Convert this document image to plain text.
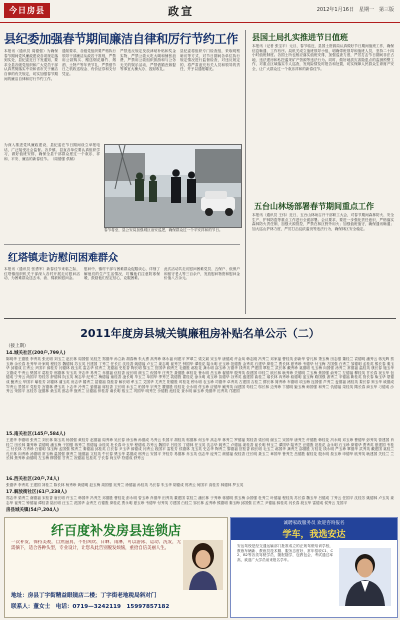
今日房县	政宣	2012年1月16日 星期一 第三版
县纪委加强春节期间廉洁自律和厉行节约工作
本报讯（通讯员 周德强）为确保春节期间党风廉政建设各项规定落到实处，县纪委近日下发通知，要求全县各级党组织和广大党员干部认真贯彻落实中央和省市关于廉洁自律的有关规定，切实加强春节期间的廉洁自律和厉行节约工作。
通知要求，各级党组织要严格执行领导干部廉洁从政若干准则，严禁用公款购买、赠送烟花爆竹、烟酒、土特产等年货节礼，严禁借节日之机收送现金、有价证券和支付凭证。
严禁违反规定发放津贴补贴和奖金实物，严禁公款大吃大喝和铺张浪费，严禁用公款组织旅游和与公务无关的娱乐活动，严禁借婚丧嫁娶等事宜大操大办、敛财收礼。
县纪委将组织专门检查组，采取明察暗访等方式，对节日期间各单位执行规定情况进行监督检查，对违反规定的，将严肃追究有关人员和领导的责任，并予以通报曝光。
为深入推进党风廉政建设，县纪委在节日期间设立举报电话，广泛接受社会监督。各乡镇、县直各单位要认真组织学习，做好值班安排，确保全县干部群众度过一个欢乐、祥和、平安、廉洁的新春佳节。（周德强 供稿）
春节将至，县公安局加强城区治安巡逻，确保群众过一个平安祥和的节日。
红塔镇走访慰问困难群众
本报讯（通讯员 张勇军）新春佳节来临之际，红塔镇组织机关干部深入各村开展走访慰问活动，为困难群众送去米、油、棉被和慰问金。
慰问中，镇村干部与困难群众促膝谈心，详细了解他们的生产生活情况，叮嘱他们注意防寒保暖，鼓励他们坚定信心，克服困难。
此次活动共走访慰问困难党员、五保户、低保户和留守老人等三百余户，发放慰问物资和慰问金价值八万余元。
县国土局扎实推进节日值班
本报讯（记者 张宝平）元旦、春节临近，县国土资源局认真做好节日期间值班工作，确保信息畅通、工作有序。局机关成立值班领导小组，明确带班领导和值班人员，坚持二十四小时值班制度。各国土所也相应落实值班安排，加强巡查力度，严厉打击节日期间非法占地、违法建房和私挖滥采矿产资源等违法行为。同时，做好地质灾害隐患点的监测预警工作，对重点区域落实专人巡查，发现险情及时报告和处置，切实保障人民群众生命财产安全，让广大群众过一个欢乐祥和的新春佳节。
五台山林场部署春节期间重点工作
本报讯（通讯员 王伟）近日，五台山林场召开干部职工大会，对春节期间森林防火、安全生产、护林防盗等重点工作进行全面部署。会议要求，要进一步强化责任意识，严格落实森林防火责任制，加强火源管控，严禁在林区野外用火；加强值班值守，确保通讯畅通；加大巡山护林力度，严厉打击乱砍滥伐等违法行为，确保林区安全稳定。
2011年度房县城关镇廉租房补贴名单公示（二）
（接上期）
14.城关社区(200户,799人)
陈明华 王德胜 李秀英 张光明 刘玉兰 赵长林 周国强 吴桂芝 郑德华 孙立新 胡春梅 朱大勇 高秀珍 林永福 何建平 罗翠兰 梁文斌 宋玉华 唐德成 许金凤 韩志刚 冯秀兰 邓家福 曹桂英 彭新华 曾凡林 萧玉梅 田志强 董桂兰 袁德明 潘秀云 蒋光辉 蔡玉珍 余长春 杜秀华 叶家明 程桂芳 魏德林 苏玉英 吕建国 丁秀兰 任长江 沈桂香 姚德福 卢玉兰 姜志明 崔秀芝 钟国华 谭桂花 陆永明 汪玉珍 范德胜 金秀英 石建华 廖桂兰 贾长林 夏秀珍 韦德华 付玉梅 方国强 白秀兰 邹德明 孟桂英 熊长春 秦玉华 邱德成 江秀云 尹国平 薛桂芳 闫德林 段玉英 雷志华 侯秀兰 龙德福 史桂香 陶长明 黎玉兰 贺国华 顾秀芝 毛德胜 郝桂花 龚永明 邵玉珍 万德华 钱秀英 严建国 覃桂兰 武长林 戴秀珍 莫德明 孔玉梅 向国强 汤秀兰 常德福 温桂英 康长春 施玉华 文德成 牛秀云 樊国平 葛桂芳 邢德林 安玉英 齐志华 易秀兰 乔德福 伍桂香 庞长明 颜玉兰 倪国华 庄秀芝 聂德胜 章桂花 鲁永明 岳玉珍 翟德华 殷秀英 詹建国 申桂兰 欧长林 耿秀珍 关德明 兰玉梅 焦国强 俞秀兰 左德福 柳桂英 甘长春 祝玉华 包德成 宁秀云 尚国平 符桂芳 舒德林 阮玉英 柯志华 纪秀兰 梅德福 童桂香 凌长明 毕玉兰 单国华 季秀芝 裴德胜 霍桂花 涂永明 成玉珍 苗德华 谷秀英 盛建国 曲桂兰 翁长林 冉秀珍 骆德明 蓝玉梅 路国强 游秀兰 辛德福 靳桂英 管长春 柴玉华 蒙德成 鲍秀云 华国平 喻桂芳 祁德林 蒲玉英 房志华 滕秀兰 屈德福 饶桂香 解长明 牟玉兰 艾国华 尤秀芝 阳德胜 时桂花 穆永明 农玉珍 司德华 卓秀英 古建国 吉桂兰 缪长林 简秀珍 车德明 项玉梅 连国强 芦秀兰 麦德福 褚桂英 娄长春 窦玉华 戚德成 岑秀云 景国平 党桂芳 宫德林 费玉英 卜志华 冷秀兰 晏德福 席桂香 卫长明 米玉兰 柏国华 宗秀芝 瞿德胜 桂桂花 全永明 佟玉珍 应德华 臧秀英 闵建国 苟桂兰 邬长林 边秀珍 卞德明 姬玉梅 师国强 和秀兰 仇德福 栾桂英 隋长春 商玉华 刁德成 沙秀云 荣国平 巫桂芳 寇德林 桑玉英 郎志华 甄秀兰 丛德福 仲桂香 虞长明 敖玉兰 巩国华 明秀芝 佘德胜 池桂花 查永明 麻玉珍 苑德华 迟秀英 邝建国
15.南关社区(145户,584人)
王建华 李德明 张秀兰 刘长林 陈玉英 杨国强 黄桂芳 赵德福 周秀珍 吴长春 徐玉梅 孙德成 马秀云 朱国平 胡桂英 郭德林 何玉华 高志华 林秀兰 罗德福 郑桂香 梁长明 谢玉兰 宋国华 唐秀芝 许德胜 韩桂花 冯永明 邓玉珍 曹德华 彭秀英 曾建国 肖桂兰 田长林 董秀珍 袁德明 潘玉梅 于国强 蒋秀兰 蔡德福 余桂英 杜长春 叶玉华 程德成 苏秀云 魏国平 吕桂芳 丁德林 任玉英 沈志华 姚秀兰 卢德福 姜桂香 崔长明 钟玉兰 谭国华 陆秀芝 汪德胜 范桂花 金永明 石玉珍 廖德华 贾秀英 夏建国 韦桂兰 付长林 方秀珍 白德明 邹玉梅 孟国强 熊秀兰 秦德福 邱桂英 江长春 尹玉华 薛德成 闫秀云 段国平 雷桂芳 侯德林 龙玉英 史志华 陶秀兰 黎德福 贺桂香 顾长明 毛玉兰 郝国华 龚秀芝 邵德胜 万桂花 钱永明 严玉珍 覃德华 武秀英 戴建国 莫桂兰 孔长林 向秀珍 汤德明 常玉梅 温国强 康秀兰 施德福 文桂英 牛长春 樊玉华 葛德成 邢秀云 安国平 齐桂芳 易德林 乔玉英 伍志华 庞秀兰 颜德福 倪桂香 庄长明 聂玉兰 章国华 鲁秀芝 岳德胜 翟桂花 殷永明 詹玉珍 申德华 欧秀英 耿建国 关桂兰 兰长林 焦秀珍 俞德明 左玉梅 柳国强 甘秀兰 祝德福 包桂英 宁长春 尚玉华 符德成 舒秀云
16.西关社区(20户,74人)
张德华 李秀英 王建国 刘桂兰 陈长林 杨秀珍 黄德明 赵玉梅 周国强 吴秀兰 徐德福 孙桂英 马长春 朱玉华 胡德成 郭秀云 何国平 高桂芳 林德林 罗玉英
17.解放街社区(61户,238人)
郑志华 梁秀兰 谢德福 宋桂香 唐长明 许玉兰 韩国华 冯秀芝 邓德胜 曹桂花 彭永明 曾玉珍 肖德华 田秀英 董建国 袁桂兰 潘长林 于秀珍 蒋德明 蔡玉梅 余国强 杜秀兰 叶德福 程桂英 苏长春 魏玉华 吕德成 丁秀云 任国平 沈桂芳 姚德林 卢玉英 姜志华 崔秀兰 钟德福 谭桂香 陆长明 汪玉兰 范国华 金秀芝 石德胜 廖桂花 贾永明 夏玉珍 韦德华 付秀英 方建国 白桂兰 邹长林 孟秀珍 熊德明 秦玉梅 邱国强 江秀兰 尹德福 薛桂英 闫长春 段玉华 雷德成 侯秀云 龙国平
房县城关镇(54户,204人)
纤百度补发房县连锁店
一次补发，保持美观，自然逼真，不怕风吹、日晒、雨淋，可以游泳、运动、洗发，无需摘下，适合各种头型，专业设计，让您从此告别脱发烦恼，重拾自信美丽人生。
地址：房县丁字街精益眼镜店二楼；丁字街老地税局斜对门
联系人：董女士　电话：0719—3242119　15997857182
诚聘家政服务员 欢迎咨询报名
学车，我选安达
安达驾校是经交通运输部门批准成立的正规驾驶培训学校，教练车辆新、教练员技术精、服务态度好，常年招收C1、C2、B2等各类驾驶学员，随报随学，包教包会，考试通过率高，欢迎广大学员前来报名学车。
